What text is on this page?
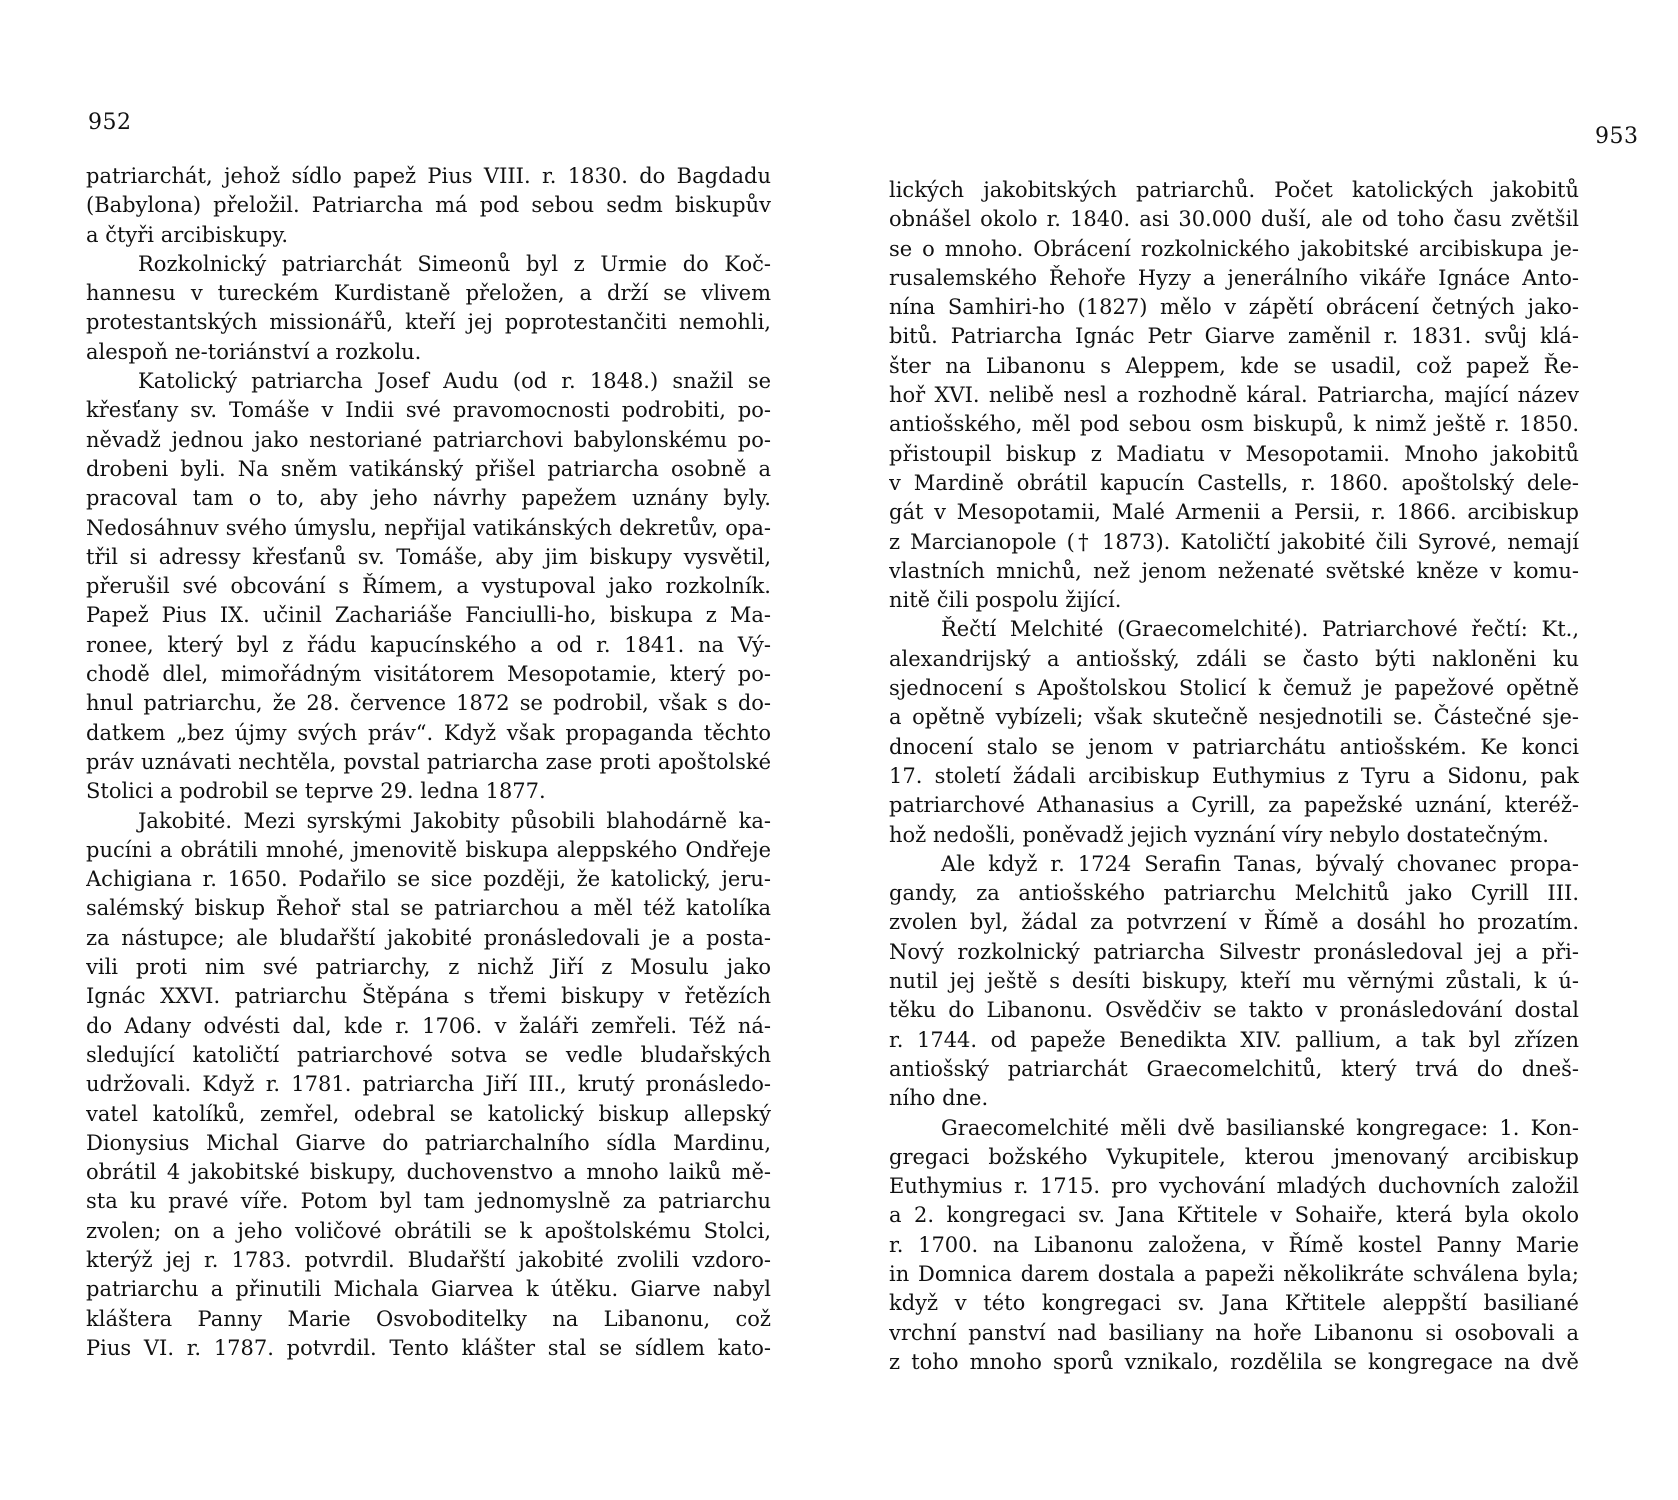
952
patriarchát, jehož sídlo papež Pius VIII. r. 1830. do Bagdadu
(Babylona) přeložil. Patriarcha má pod sebou sedm biskupův
a čtyři arcibiskupy.
Rozkolnický patriarchát Simeonů byl z Urmie do Koč-
hannesu v tureckém Kurdistaně přeložen, a drží se vlivem
protestantských missionářů, kteří jej poprotestančiti nemohli,
alespoň ne-toriánství a rozkolu.
Katolický patriarcha Josef Audu (od r. 1848.) snažil se
křesťany sv. Tomáše v Indii své pravomocnosti podrobiti, po-
něvadž jednou jako nestoriané patriarchovi babylonskému po-
drobeni byli. Na sněm vatikánský přišel patriarcha osobně a
pracoval tam o to, aby jeho návrhy papežem uznány byly.
Nedosáhnuv svého úmyslu, nepřijal vatikánských dekretův, opa-
třil si adressy křesťanů sv. Tomáše, aby jim biskupy vysvětil,
přerušil své obcování s Římem, a vystupoval jako rozkolník.
Papež Pius IX. učinil Zachariáše Fanciulli-ho, biskupa z Ma-
ronee, který byl z řádu kapucínského a od r. 1841. na Vý-
chodě dlel, mimořádným visitátorem Mesopotamie, který po-
hnul patriarchu, že 28. července 1872 se podrobil, však s do-
datkem „bez újmy svých práv“. Když však propaganda těchto
práv uznávati nechtěla, povstal patriarcha zase proti apoštolské
Stolici a podrobil se teprve 29. ledna 1877.
Jakobité. Mezi syrskými Jakobity působili blahodárně ka-
pucíni a obrátili mnohé, jmenovitě biskupa aleppského Ondřeje
Achigiana r. 1650. Podařilo se sice později, že katolický, jeru-
salémský biskup Řehoř stal se patriarchou a měl též katolíka
za nástupce; ale bludařští jakobité pronásledovali je a posta-
vili proti nim své patriarchy, z nichž Jiří z Mosulu jako
Ignác XXVI. patriarchu Štěpána s třemi biskupy v řetězích
do Adany odvésti dal, kde r. 1706. v žaláři zemřeli. Též ná-
sledující katoličtí patriarchové sotva se vedle bludařských
udržovali. Když r. 1781. patriarcha Jiří III., krutý pronásledo-
vatel katolíků, zemřel, odebral se katolický biskup allepský
Dionysius Michal Giarve do patriarchalního sídla Mardinu,
obrátil 4 jakobitské biskupy, duchovenstvo a mnoho laiků mě-
sta ku pravé víře. Potom byl tam jednomyslně za patriarchu
zvolen; on a jeho voličové obrátili se k apoštolskému Stolci,
kterýž jej r. 1783. potvrdil. Bludařští jakobité zvolili vzdoro-
patriarchu a přinutili Michala Giarvea k útěku. Giarve nabyl
kláštera Panny Marie Osvoboditelky na Libanonu, což
Pius VI. r. 1787. potvrdil. Tento klášter stal se sídlem kato-
953
lických jakobitských patriarchů. Počet katolických jakobitů
obnášel okolo r. 1840. asi 30.000 duší, ale od toho času zvětšil
se o mnoho. Obrácení rozkolnického jakobitské arcibiskupa je-
rusalemského Řehoře Hyzy a jenerálního vikáře Ignáce Anto-
nína Samhiri-ho (1827) mělo v zápětí obrácení četných jako-
bitů. Patriarcha Ignác Petr Giarve zaměnil r. 1831. svůj klá-
šter na Libanonu s Aleppem, kde se usadil, což papež Ře-
hoř XVI. nelibě nesl a rozhodně káral. Patriarcha, mající název
antiošského, měl pod sebou osm biskupů, k nimž ještě r. 1850.
přistoupil biskup z Madiatu v Mesopotamii. Mnoho jakobitů
v Mardině obrátil kapucín Castells, r. 1860. apoštolský dele-
gát v Mesopotamii, Malé Armenii a Persii, r. 1866. arcibiskup
z Marcianopole († 1873). Katoličtí jakobité čili Syrové, nemají
vlastních mnichů, než jenom neženaté světské kněze v komu-
nitě čili pospolu žijící.
Řečtí Melchité (Graecomelchité). Patriarchové řečtí: Kt.,
alexandrijský a antiošský, zdáli se často býti nakloněni ku
sjednocení s Apoštolskou Stolicí k čemuž je papežové opětně
a opětně vybízeli; však skutečně nesjednotili se. Částečné sje-
dnocení stalo se jenom v patriarchátu antiošském. Ke konci
17. století žádali arcibiskup Euthymius z Tyru a Sidonu, pak
patriarchové Athanasius a Cyrill, za papežské uznání, kteréž-
hož nedošli, poněvadž jejich vyznání víry nebylo dostatečným.
Ale když r. 1724 Serafin Tanas, bývalý chovanec propa-
gandy, za antiošského patriarchu Melchitů jako Cyrill III.
zvolen byl, žádal za potvrzení v Římě a dosáhl ho prozatím.
Nový rozkolnický patriarcha Silvestr pronásledoval jej a při-
nutil jej ještě s desíti biskupy, kteří mu věrnými zůstali, k ú-
těku do Libanonu. Osvědčiv se takto v pronásledování dostal
r. 1744. od papeže Benedikta XIV. pallium, a tak byl zřízen
antiošský patriarchát Graecomelchitů, který trvá do dneš-
ního dne.
Graecomelchité měli dvě basilianské kongregace: 1. Kon-
gregaci božského Vykupitele, kterou jmenovaný arcibiskup
Euthymius r. 1715. pro vychování mladých duchovních založil
a 2. kongregaci sv. Jana Křtitele v Sohaiře, která byla okolo
r. 1700. na Libanonu založena, v Římě kostel Panny Marie
in Domnica darem dostala a papeži několikráte schválena byla;
když v této kongregaci sv. Jana Křtitele aleppští basiliané
vrchní panství nad basiliany na hoře Libanonu si osobovali a
z toho mnoho sporů vznikalo, rozdělila se kongregace na dvě
